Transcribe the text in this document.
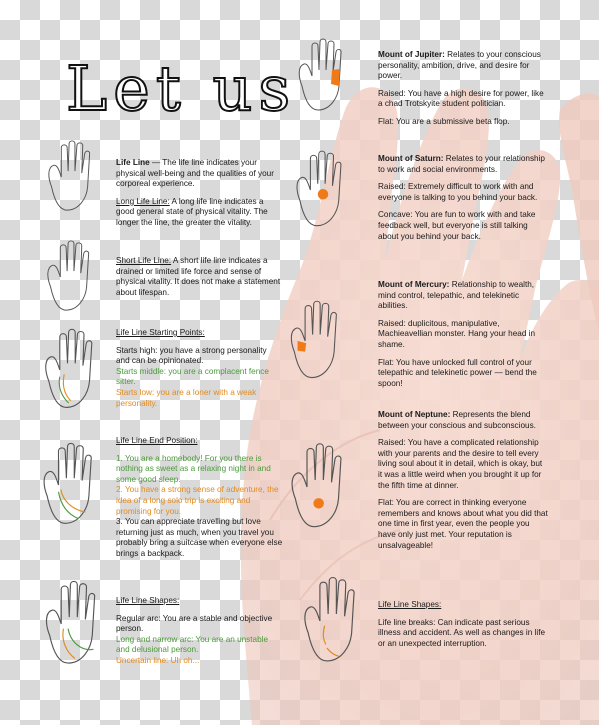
Let us

Life Line — The life line indicates your physical well-being and the qualities of your corporeal experience.

Long Life Line: A long life line indicates a good general state of physical vitality. The longer the line, the greater the vitality.

Short Life Line: A short life line indicates a drained or limited life force and sense of physical vitality. It does not make a statement about lifespan.

Life Line Starting Points:

Starts high: you have a strong personality and can be opinionated.

Starts middle: you are a complacent fence sitter.

Starts low: you are a loner with a weak personality.

Life Line End Position:

1. You are a homebody! For you there is nothing as sweet as a relaxing night in and some good sleep.

2. You have a strong sense of adventure, the idea of a long solo trip is exciting and promising for you.

3. You can appreciate travelling but love returning just as much, when you travel you probably bring a suitcase when everyone else brings a backpack.

Life Line Shapes:

Regular arc: You are a stable and objective person.

Long and narrow arc: You are an unstable and delusional person.

Uncertain line: Uh oh...

Mount of Jupiter: Relates to your conscious personality, ambition, drive, and desire for power.

Raised: You have a high desire for power, like a chad Trotskyite student politician.

Flat: You are a submissive beta flop.

Mount of Saturn: Relates to your relationship to work and social environments.

Raised: Extremely difficult to work with and everyone is talking to you behind your back.

Concave: You are fun to work with and take feedback well, but everyone is still talking about you behind your back.

Mount of Mercury: Relationship to wealth, mind control, telepathic, and telekinetic abilities.

Raised: duplicitous, manipulative, Machieavellian monster. Hang your head in shame.

Flat: You have unlocked full control of your telepathic and telekinetic power — bend the spoon!

Mount of Neptune: Represents the blend between your conscious and subconscious.

Raised: You have a complicated relationship with your parents and the desire to tell every living soul about it in detail, which is okay, but it was a little weird when you brought it up for the fifth time at dinner.

Flat: You are correct in thinking everyone remembers and knows about what you did that one time in first year, even the people you have only just met. Your reputation is unsalvageable!

Life Line Shapes:

Life line breaks: Can indicate past serious illness and accident. As well as changes in life or an unexpected interruption.
